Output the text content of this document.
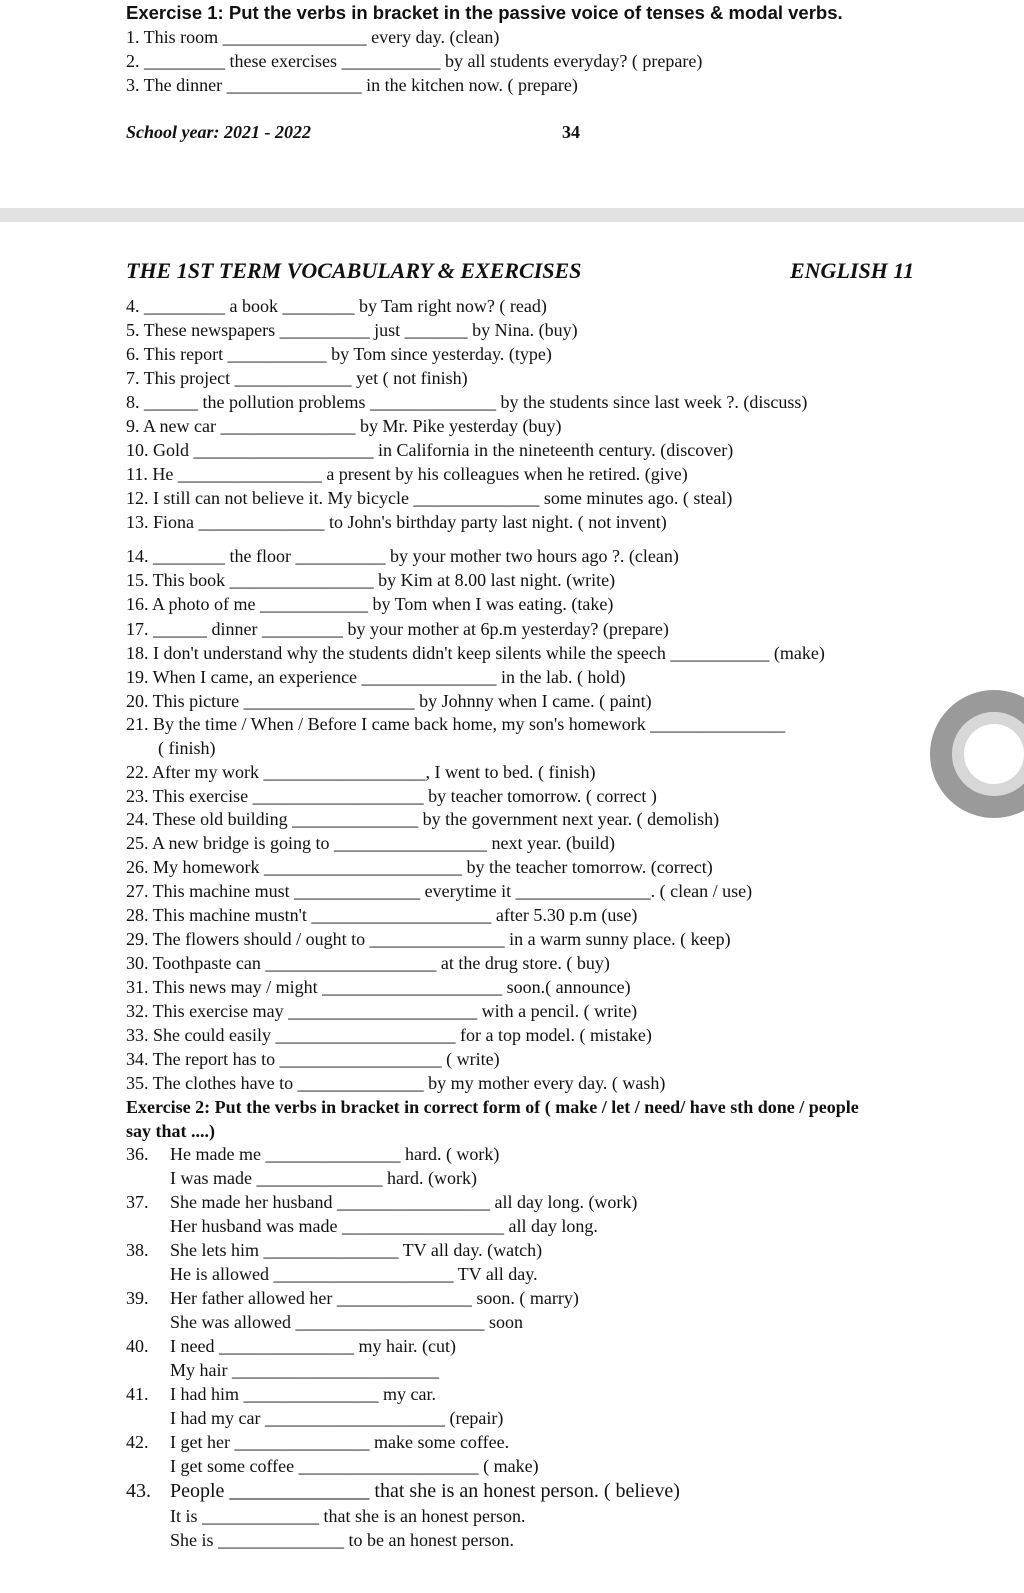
Exercise 1: Put the verbs in bracket in the passive voice of tenses & modal verbs.
1. This room ________________ every day. (clean)
2. _________ these exercises ___________ by all students everyday? ( prepare)
3. The dinner _______________ in the kitchen now. ( prepare)
School year: 2021 - 2022	34
THE 1ST TERM VOCABULARY & EXERCISES	ENGLISH 11
4. _________ a book ________ by Tam right now? ( read)
5. These newspapers __________ just _______ by Nina. (buy)
6. This report ___________ by Tom since yesterday. (type)
7. This project _____________ yet ( not finish)
8. ______ the pollution problems ______________ by the students since last week ?. (discuss)
9. A new car _______________ by Mr. Pike yesterday (buy)
10. Gold ____________________ in California in the nineteenth century. (discover)
11. He ________________ a present by his colleagues when he retired. (give)
12. I still can not believe it. My bicycle ______________ some minutes ago. ( steal)
13. Fiona ______________ to John's birthday party last night. ( not invent)
14. ________ the floor __________ by your mother two hours ago ?. (clean)
15. This book ________________ by Kim at 8.00 last night. (write)
16. A photo of me ____________ by Tom when I was eating. (take)
17. ______ dinner _________ by your mother at 6p.m yesterday? (prepare)
18. I don't understand why the students didn't keep silents while the speech ___________ (make)
19. When I came, an experience _______________ in the lab. ( hold)
20. This picture ___________________ by Johnny when I came. ( paint)
21. By the time / When / Before I came back home, my son's homework _______________
( finish)
22. After my work __________________, I went to bed. ( finish)
23. This exercise ___________________ by teacher tomorrow. ( correct )
24. These old building ______________ by the government next year. ( demolish)
25. A new bridge is going to _________________ next year. (build)
26. My homework ______________________ by the teacher tomorrow. (correct)
27. This machine must ______________ everytime it _______________. ( clean / use)
28. This machine mustn't ____________________ after 5.30 p.m (use)
29. The flowers should / ought to _______________ in a warm sunny place. ( keep)
30. Toothpaste can ___________________ at the drug store. ( buy)
31. This news may / might ____________________ soon.( announce)
32. This exercise may _____________________ with a pencil. ( write)
33. She could easily ____________________ for a top model. ( mistake)
34. The report has to __________________ ( write)
35. The clothes have to ______________ by my mother every day. ( wash)
Exercise 2: Put the verbs in bracket in correct form of ( make / let / need/ have sth done / people
say that ....)
36. He made me _______________ hard. ( work)
I was made ______________ hard. (work)
37. She made her husband _________________ all day long. (work)
Her husband was made __________________ all day long.
38. She lets him _______________ TV all day. (watch)
He is allowed ____________________ TV all day.
39. Her father allowed her _______________ soon. ( marry)
She was allowed _____________________ soon
40. I need _______________ my hair. (cut)
My hair _______________________
41. I had him _______________ my car.
I had my car ____________________ (repair)
42. I get her _______________ make some coffee.
I get some coffee ____________________ ( make)
43. People ______________ that she is an honest person. ( believe)
It is _____________ that she is an honest person.
She is ______________ to be an honest person.
